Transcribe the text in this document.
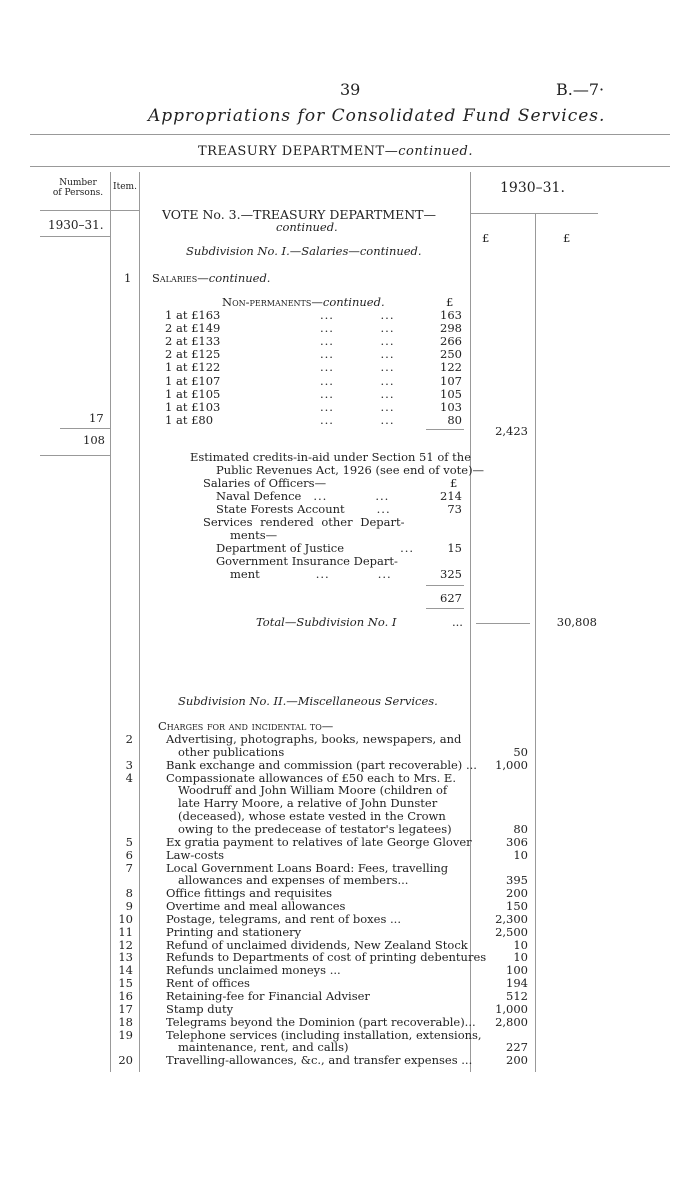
39	B.—7·
Appropriations for Consolidated Fund Services.
TREASURY DEPARTMENT—continued.
Number
of Persons.
Item.	1930–31.
1930–31.
£	£
VOTE No. 3.—TREASURY DEPARTMENT—
continued.
Subdivision No. I.—Salaries—continued.
1 Salaries—continued.
Non-permanents—continued.	£
1 at £163	...          ...	163
2 at £149	...          ...	298
2 at £133	...          ...	266
2 at £125	...          ...	250
1 at £122	...          ...	122
1 at £107	...          ...	107
1 at £105	...          ...	105
1 at £103	...          ...	103
1 at £80	...          ...	80
17
108
2,423
Estimated credits-in-aid under Section 51 of the
Public Revenues Act, 1926 (see end of vote)—
Salaries of Officers—	£
Naval Defence ...	...	214
State Forests Account	...	73
Services rendered other Depart-
ments—
Department of Justice	...	15
Government Insurance Depart-
ment	...	...	325
627
Total—Subdivision No. I	...	30,808
Subdivision No. II.—Miscellaneous Services.
Charges for and incidental to—
2	Advertising, photographs, books, newspapers, and
other publications	50
3	Bank exchange and commission (part recoverable) ...	1,000
4	Compassionate allowances of £50 each to Mrs. E.
Woodruff and John William Moore (children of
late Harry Moore, a relative of John Dunster
(deceased), whose estate vested in the Crown
owing to the predecease of testator's legatees)	80
5	Ex gratia payment to relatives of late George Glover	306
6	Law-costs	10
7	Local Government Loans Board: Fees, travelling
allowances and expenses of members...	395
8	Office fittings and requisites	200
9	Overtime and meal allowances	150
10	Postage, telegrams, and rent of boxes ...	2,300
11	Printing and stationery	2,500
12	Refund of unclaimed dividends, New Zealand Stock	10
13	Refunds to Departments of cost of printing debentures	10
14	Refunds unclaimed moneys ...	100
15	Rent of offices	194
16	Retaining-fee for Financial Adviser	512
17	Stamp duty	1,000
18	Telegrams beyond the Dominion (part recoverable)...	2,800
19	Telephone services (including installation, extensions,
maintenance, rent, and calls)	227
20	Travelling-allowances, &c., and transfer expenses ...	200
